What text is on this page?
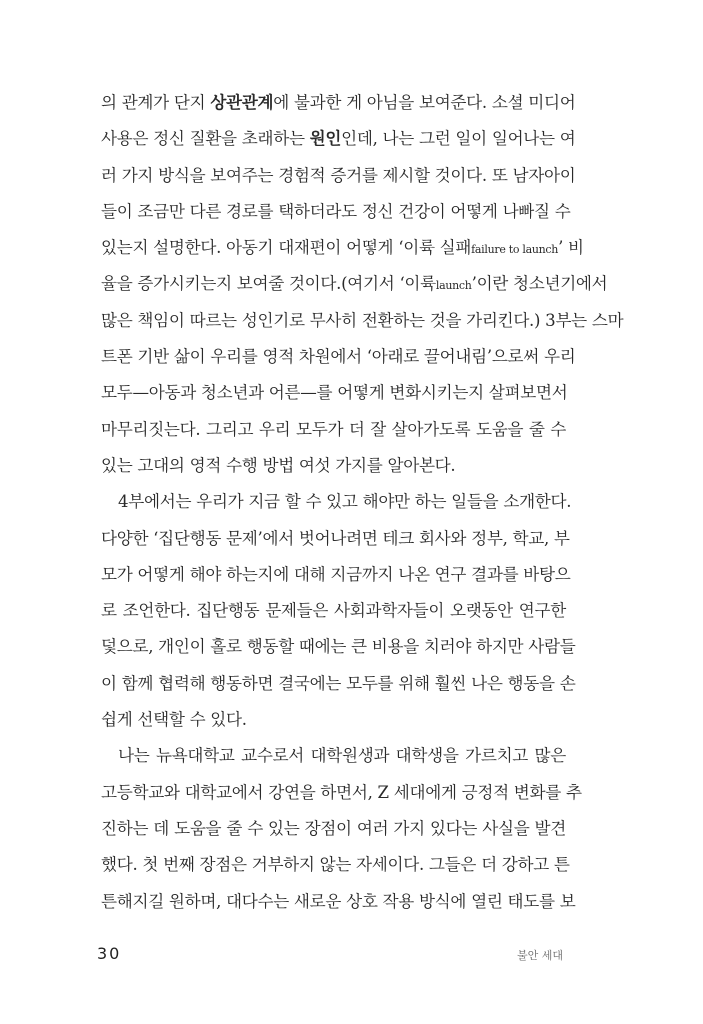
의 관계가 단지 상관관계에 불과한 게 아님을 보여준다. 소셜 미디어
사용은 정신 질환을 초래하는 원인인데, 나는 그런 일이 일어나는 여
러 가지 방식을 보여주는 경험적 증거를 제시할 것이다. 또 남자아이
들이 조금만 다른 경로를 택하더라도 정신 건강이 어떻게 나빠질 수
있는지 설명한다. 아동기 대재편이 어떻게 ‘이륙 실패failure to launch’ 비
율을 증가시키는지 보여줄 것이다.(여기서 ‘이륙launch’이란 청소년기에서
많은 책임이 따르는 성인기로 무사히 전환하는 것을 가리킨다.) 3부는 스마
트폰 기반 삶이 우리를 영적 차원에서 ‘아래로 끌어내림’으로써 우리
모두—아동과 청소년과 어른—를 어떻게 변화시키는지 살펴보면서
마무리짓는다. 그리고 우리 모두가 더 잘 살아가도록 도움을 줄 수
있는 고대의 영적 수행 방법 여섯 가지를 알아본다.
4부에서는 우리가 지금 할 수 있고 해야만 하는 일들을 소개한다.
다양한 ‘집단행동 문제’에서 벗어나려면 테크 회사와 정부, 학교, 부
모가 어떻게 해야 하는지에 대해 지금까지 나온 연구 결과를 바탕으
로 조언한다. 집단행동 문제들은 사회과학자들이 오랫동안 연구한
덫으로, 개인이 홀로 행동할 때에는 큰 비용을 치러야 하지만 사람들
이 함께 협력해 행동하면 결국에는 모두를 위해 훨씬 나은 행동을 손
쉽게 선택할 수 있다.
나는 뉴욕대학교 교수로서 대학원생과 대학생을 가르치고 많은
고등학교와 대학교에서 강연을 하면서, Z 세대에게 긍정적 변화를 추
진하는 데 도움을 줄 수 있는 장점이 여러 가지 있다는 사실을 발견
했다. 첫 번째 장점은 거부하지 않는 자세이다. 그들은 더 강하고 튼
튼해지길 원하며, 대다수는 새로운 상호 작용 방식에 열린 태도를 보
30	불안 세대
